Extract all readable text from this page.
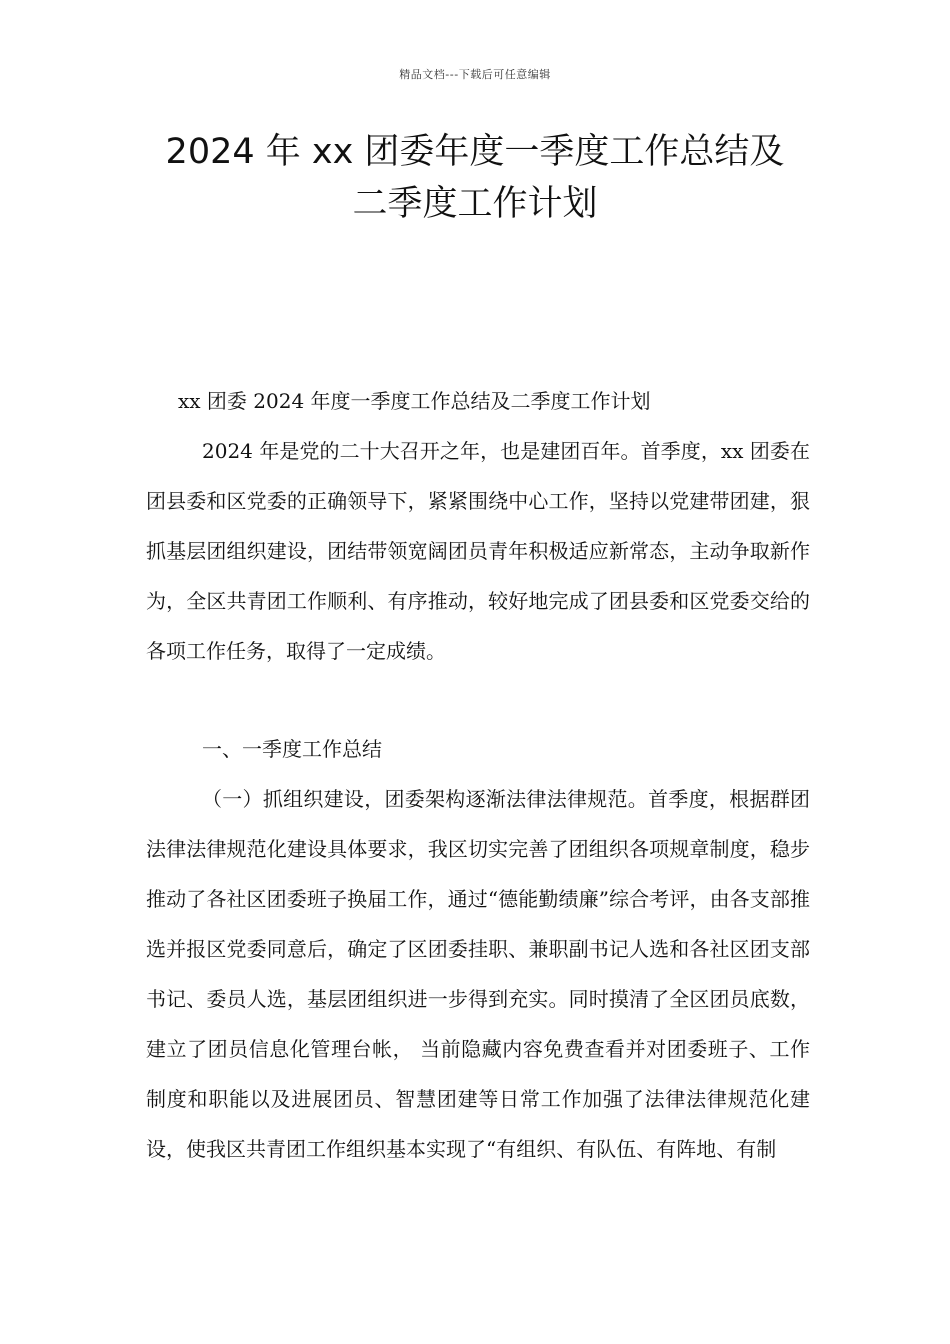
精品文档---下载后可任意编辑
2024 年 xx 团委年度一季度工作总结及
二季度工作计划
xx 团委 2024 年度一季度工作总结及二季度工作计划

2024 年是党的二十大召开之年，也是建团百年。首季度，xx 团委在团县委和区党委的正确领导下，紧紧围绕中心工作，坚持以党建带团建，狠抓基层团组织建设，团结带领宽阔团员青年积极适应新常态，主动争取新作为，全区共青团工作顺利、有序推动，较好地完成了团县委和区党委交给的各项工作任务，取得了一定成绩。

一、一季度工作总结

（一）抓组织建设，团委架构逐渐法律法律规范。首季度，根据群团法律法律规范化建设具体要求，我区切实完善了团组织各项规章制度，稳步推动了各社区团委班子换届工作，通过“德能勤绩廉”综合考评，由各支部推选并报区党委同意后，确定了区团委挂职、兼职副书记人选和各社区团支部书记、委员人选，基层团组织进一步得到充实。同时摸清了全区团员底数，建立了团员信息化管理台帐， 当前隐藏内容免费查看并对团委班子、工作制度和职能以及进展团员、智慧团建等日常工作加强了法律法律规范化建设，使我区共青团工作组织基本实现了“有组织、有队伍、有阵地、有制
